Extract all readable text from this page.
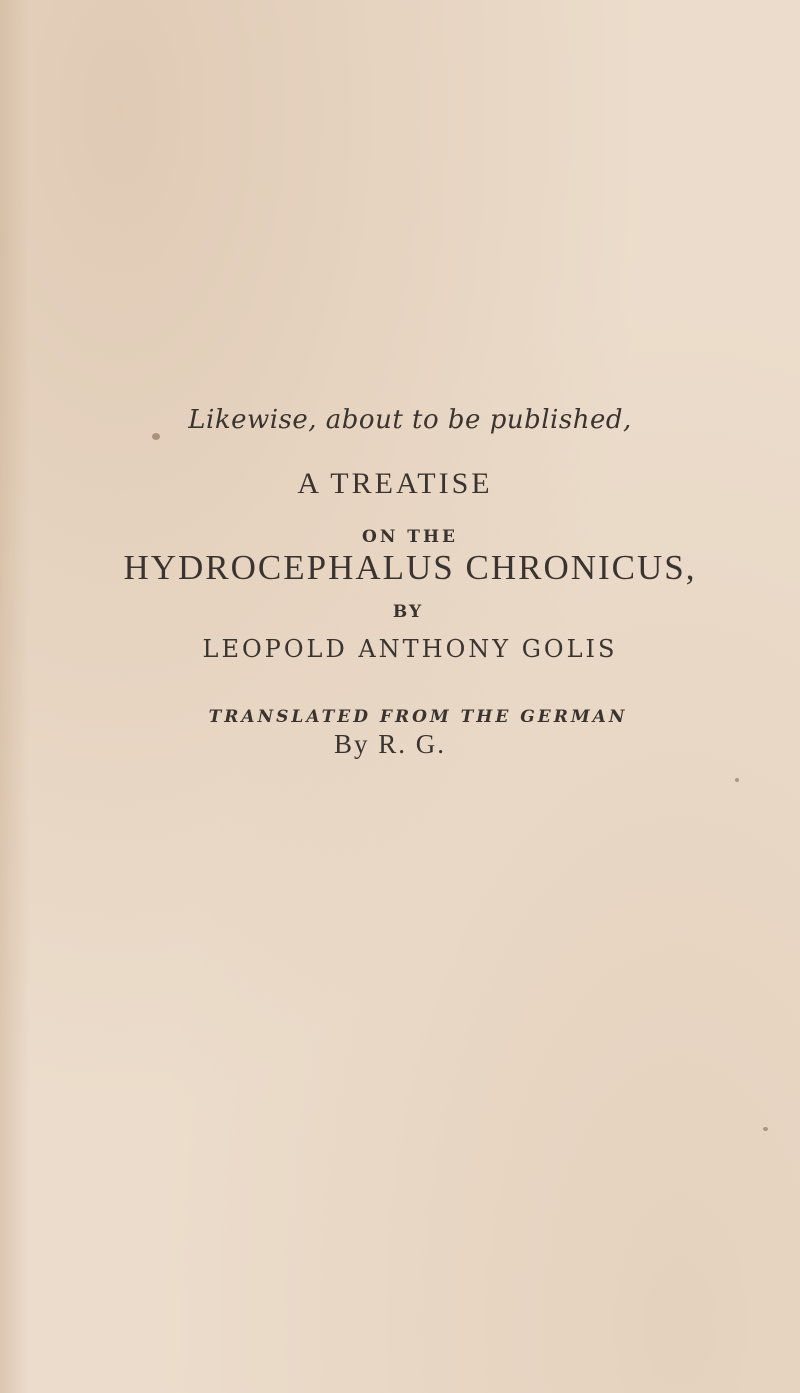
Likewise, about to be published,
A TREATISE
ON THE
HYDROCEPHALUS CHRONICUS,
BY
LEOPOLD ANTHONY GOLIS
TRANSLATED FROM THE GERMAN
By R. G.
